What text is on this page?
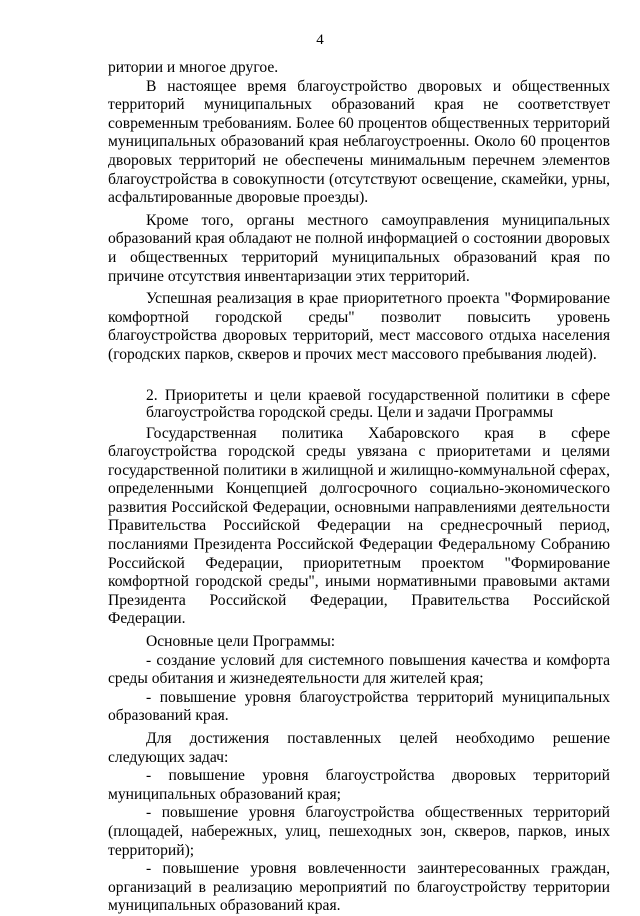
4

ритории и многое другое.

В настоящее время благоустройство дворовых и общественных территорий муниципальных образований края не соответствует современным требованиям. Более 60 процентов общественных территорий муниципальных образований края неблагоустроенны. Около 60 процентов дворовых территорий не обеспечены минимальным перечнем элементов благоустройства в совокупности (отсутствуют освещение, скамейки, урны, асфальтированные дворовые проезды).

Кроме того, органы местного самоуправления муниципальных образований края обладают не полной информацией о состоянии дворовых и общественных территорий муниципальных образований края по причине отсутствия инвентаризации этих территорий.

Успешная реализация в крае приоритетного проекта "Формирование комфортной городской среды" позволит повысить уровень благоустройства дворовых территорий, мест массового отдыха населения (городских парков, скверов и прочих мест массового пребывания людей).

2. Приоритеты и цели краевой государственной политики в сфере
благоустройства городской среды. Цели и задачи Программы

Государственная политика Хабаровского края в сфере благоустройства городской среды увязана с приоритетами и целями государственной политики в жилищной и жилищно-коммунальной сферах, определенными Концепцией долгосрочного социально-экономического развития Российской Федерации, основными направлениями деятельности Правительства Российской Федерации на среднесрочный период, посланиями Президента Российской Федерации Федеральному Собранию Российской Федерации, приоритетным проектом "Формирование комфортной городской среды", иными нормативными правовыми актами Президента Российской Федерации, Правительства Российской Федерации.

Основные цели Программы:

- создание условий для системного повышения качества и комфорта среды обитания и жизнедеятельности для жителей края;

- повышение уровня благоустройства территорий муниципальных образований края.

Для достижения поставленных целей необходимо решение следующих задач:

- повышение уровня благоустройства дворовых территорий муниципальных образований края;

- повышение уровня благоустройства общественных территорий (площадей, набережных, улиц, пешеходных зон, скверов, парков, иных территорий);

- повышение уровня вовлеченности заинтересованных граждан, организаций в реализацию мероприятий по благоустройству территории муниципальных образований края.
